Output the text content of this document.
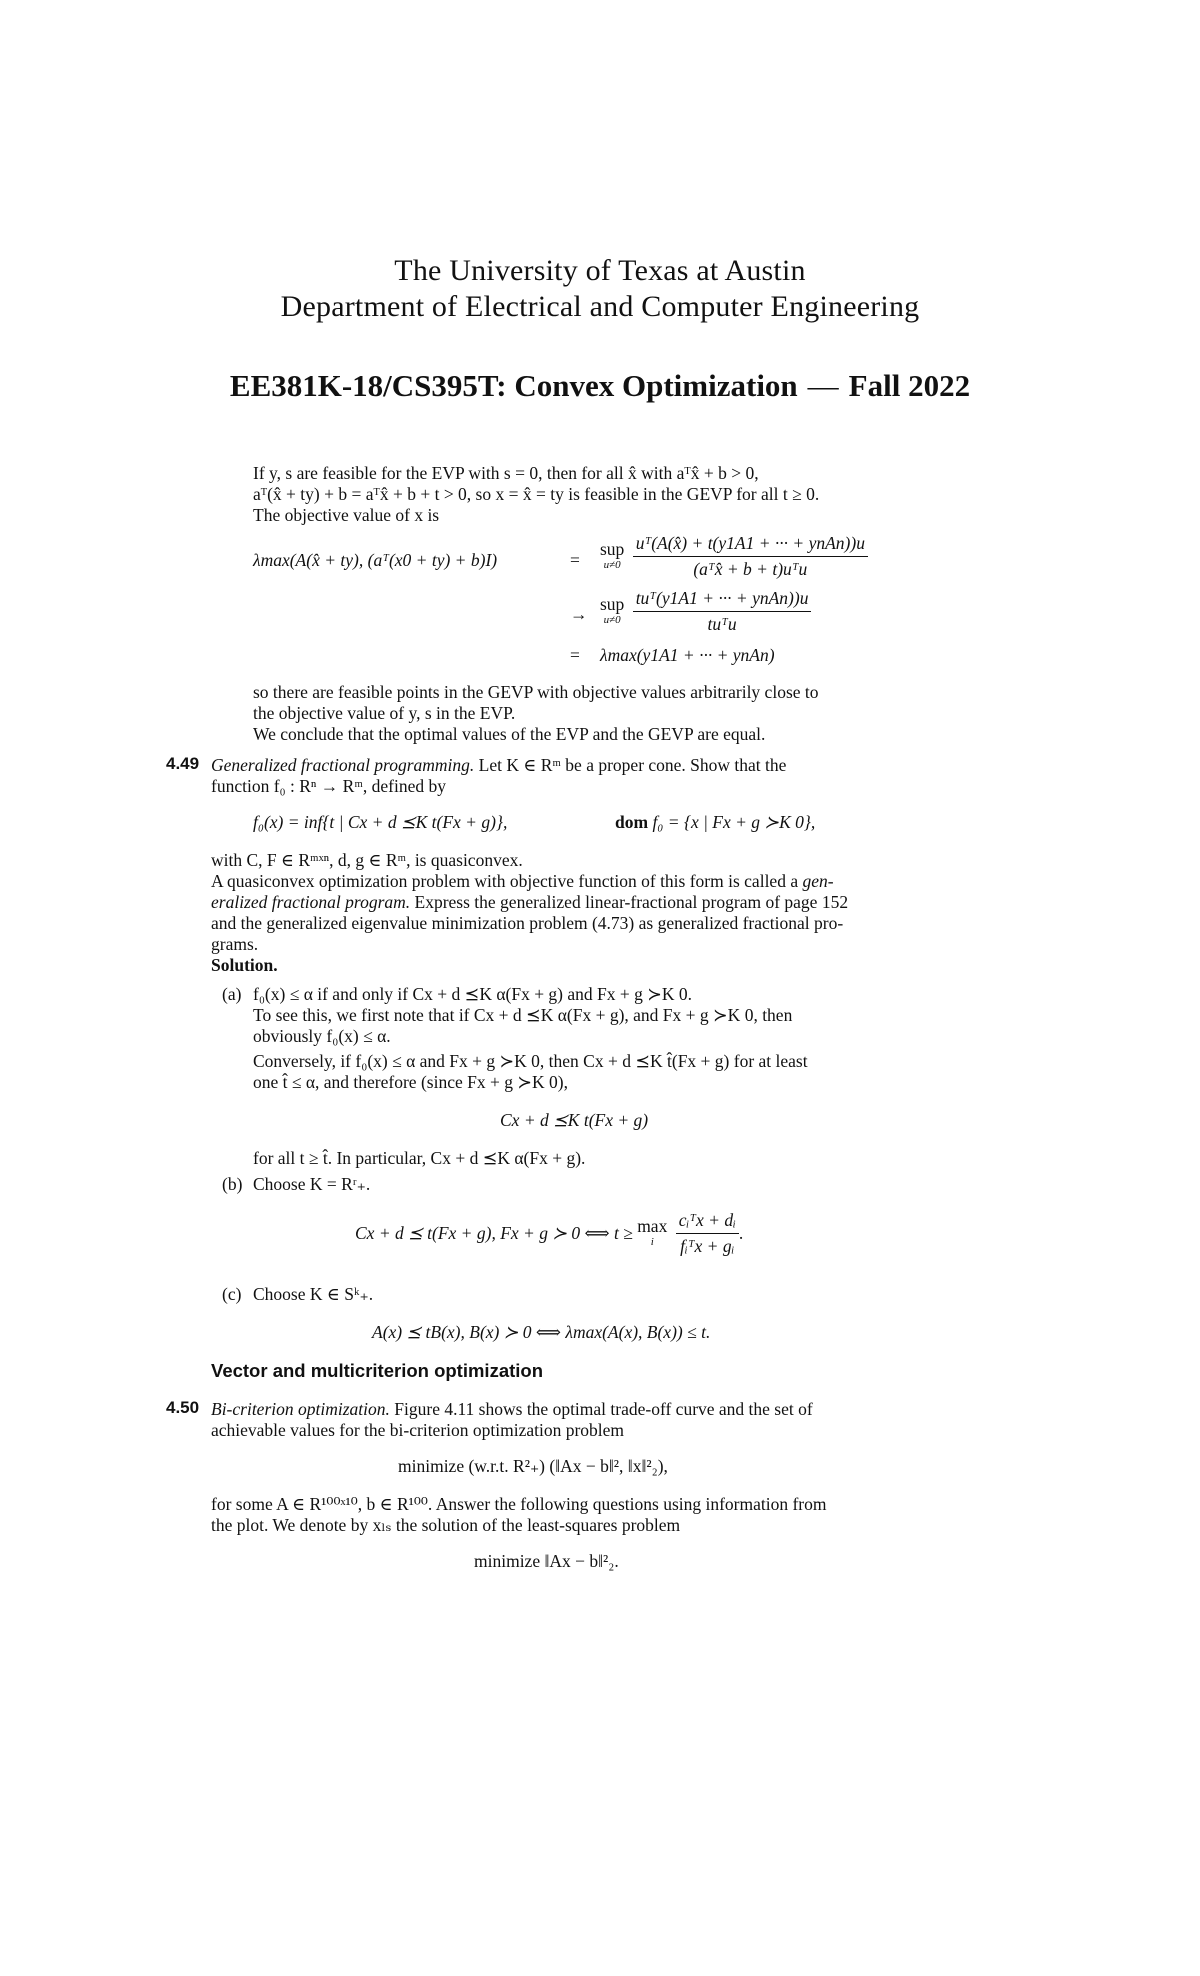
The University of Texas at Austin
Department of Electrical and Computer Engineering
EE381K-18/CS395T: Convex Optimization — Fall 2022
If y, s are feasible for the EVP with s = 0, then for all x̂ with aᵀx̂ + b > 0,
aᵀ(x̂ + ty) + b = aᵀx̂ + b + t > 0, so x = x̂ = ty is feasible in the GEVP for all t ≥ 0.
The objective value of x is
λmax(A(x̂ + ty), (aᵀ(x0 + ty) + b)I)	=
sup
u≠0
$\frac{\text{uᵀ(A(x̂) + t(y1A1 + ··· + ynAn))u}}{\text{(aᵀx̂ + b + t)uᵀu}}$
→
sup
u≠0
$\frac{\text{tuᵀ(y1A1 + ··· + ynAn))u}}{\text{tuᵀu}}$
= λmax(y1A1 + ··· + ynAn)
so there are feasible points in the GEVP with objective values arbitrarily close to
the objective value of y, s in the EVP.
We conclude that the optimal values of the EVP and the GEVP are equal.
4.49 Generalized fractional programming. Let K ∈ Rᵐ be a proper cone. Show that the
function f₀ : Rⁿ → Rᵐ, defined by
f₀(x) = inf{t | Cx + d ⪯K t(Fx + g)},	dom f₀ = {x | Fx + g ≻K 0},
with C, F ∈ Rᵐˣⁿ, d, g ∈ Rᵐ, is quasiconvex.
A quasiconvex optimization problem with objective function of this form is called a gen-
eralized fractional program. Express the generalized linear-fractional program of page 152
and the generalized eigenvalue minimization problem (4.73) as generalized fractional pro-
grams.
Solution.
(a) f₀(x) ≤ α if and only if Cx + d ⪯K α(Fx + g) and Fx + g ≻K 0.
To see this, we first note that if Cx + d ⪯K α(Fx + g), and Fx + g ≻K 0, then
obviously f₀(x) ≤ α.
Conversely, if f₀(x) ≤ α and Fx + g ≻K 0, then Cx + d ⪯K t̂(Fx + g) for at least
one t̂ ≤ α, and therefore (since Fx + g ≻K 0),
Cx + d ⪯K t(Fx + g)
for all t ≥ t̂. In particular, Cx + d ⪯K α(Fx + g).
(b) Choose K = Rʳ₊.
Cx + d ⪯ t(Fx + g), Fx + g ≻ 0 ⟺ t ≥ max
i
	$\frac{\text{cᵢᵀx + dᵢ}}{\text{fᵢᵀx + gᵢ}}$ .
(c) Choose K ∈ Sᵏ₊.
A(x) ⪯ tB(x), B(x) ≻ 0 ⟺ λmax(A(x), B(x)) ≤ t.
Vector and multicriterion optimization
4.50 Bi-criterion optimization. Figure 4.11 shows the optimal trade-off curve and the set of
achievable values for the bi-criterion optimization problem
minimize (w.r.t. R²₊) (‖Ax − b‖², ‖x‖²₂),
for some A ∈ R¹⁰⁰ˣ¹⁰, b ∈ R¹⁰⁰. Answer the following questions using information from
the plot. We denote by xₗₛ the solution of the least-squares problem
minimize ‖Ax − b‖²₂.
